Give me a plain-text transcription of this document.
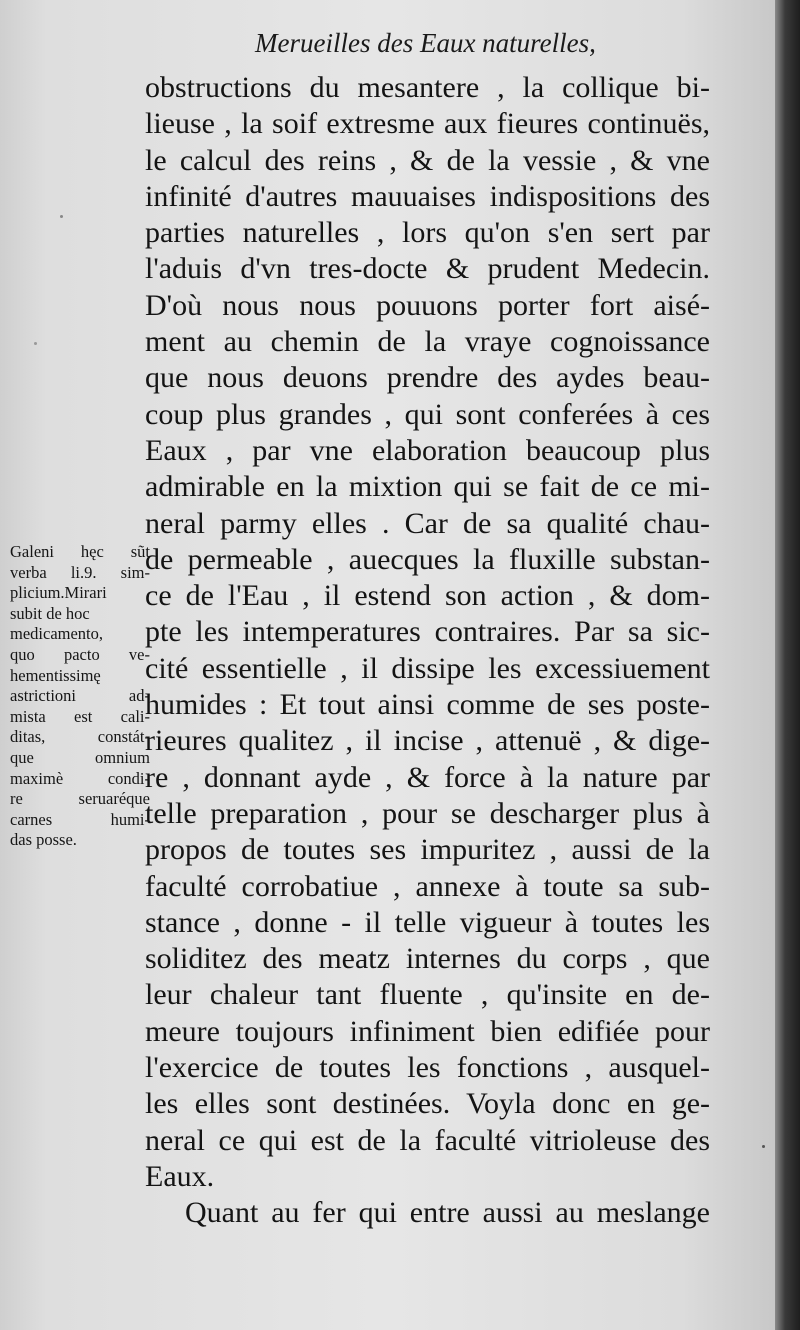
Merueilles des Eaux naturelles,
obstructions du mesantere , la collique bi-
lieuse , la soif extresme aux fieures continuës,
le calcul des reins , & de la vessie , & vne
infinité d'autres mauuaises indispositions des
parties naturelles , lors qu'on s'en sert par
l'aduis d'vn tres-docte & prudent Medecin.
D'où nous nous pouuons porter fort aisé-
ment au chemin de la vraye cognoissance
que nous deuons prendre des aydes beau-
coup plus grandes , qui sont conferées à ces
Eaux , par vne elaboration beaucoup plus
admirable en la mixtion qui se fait de ce mi-
neral parmy elles . Car de sa qualité chau-
de permeable , auecques la fluxille substan-
ce de l'Eau , il estend son action , & dom-
pte les intemperatures contraires. Par sa sic-
cité essentielle , il dissipe les excessiuement
humides : Et tout ainsi comme de ses poste-
rieures qualitez , il incise , attenuë , & dige-
re , donnant ayde , & force à la nature par
telle preparation , pour se descharger plus à
propos de toutes ses impuritez , aussi de la
faculté corrobatiue , annexe à toute sa sub-
stance , donne - il telle vigueur à toutes les
soliditez des meatz internes du corps , que
leur chaleur tant fluente , qu'insite en de-
meure toujours infiniment bien edifiée pour
l'exercice de toutes les fonctions , ausquel-
les elles sont destinées. Voyla donc en ge-
neral ce qui est de la faculté vitrioleuse des
Eaux.
Quant au fer qui entre aussi au meslange
Galeni hęc sũt
verba li.9. sim-
plicium.Mirari
subit de hoc
medicamento,
quo pacto ve-
hementissimę
astrictioni ad-
mista est cali-
ditas, constát-
que omnium
maximè condi-
re seruaréque
carnes humi-
das posse.
